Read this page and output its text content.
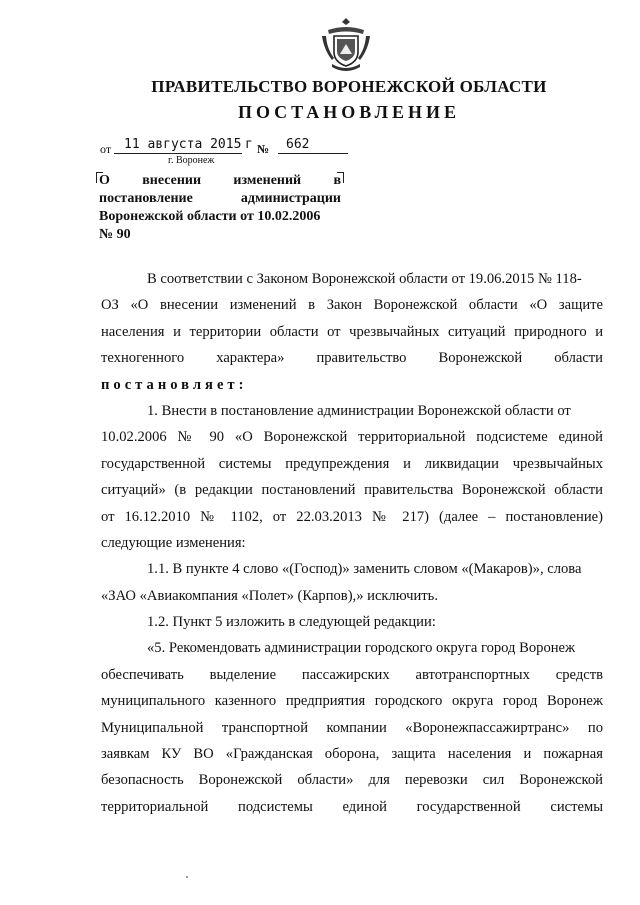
ПРАВИТЕЛЬСТВО ВОРОНЕЖСКОЙ ОБЛАСТИ
ПОСТАНОВЛЕНИЕ
от 11 августа 2015 г № 662
г. Воронеж
О внесении изменений в
постановление	администрации
Воронежской области от 10.02.2006
№ 90
В соответствии с Законом Воронежской области от 19.06.2015 № 118-
ОЗ «О внесении изменений в Закон Воронежской области «О защите
населения и территории области от чрезвычайных ситуаций природного и
техногенного характера» правительство Воронежской области
постановляет:
1. Внести в постановление администрации Воронежской области от
10.02.2006 № 90 «О Воронежской территориальной подсистеме единой
государственной системы предупреждения и ликвидации чрезвычайных
ситуаций» (в редакции постановлений правительства Воронежской области
от 16.12.2010 № 1102, от 22.03.2013 № 217) (далее – постановление)
следующие изменения:
1.1. В пункте 4 слово «(Господ)» заменить словом «(Макаров)», слова
«ЗАО «Авиакомпания «Полет» (Карпов),» исключить.
1.2. Пункт 5 изложить в следующей редакции:
«5. Рекомендовать администрации городского округа город Воронеж
обеспечивать выделение пассажирских автотранспортных средств
муниципального казенного предприятия городского округа город Воронеж
Муниципальной транспортной компании «Воронежпассажиртранс» по
заявкам КУ ВО «Гражданская оборона, защита населения и пожарная
безопасность Воронежской области» для перевозки сил Воронежской
территориальной подсистемы единой государственной системы
